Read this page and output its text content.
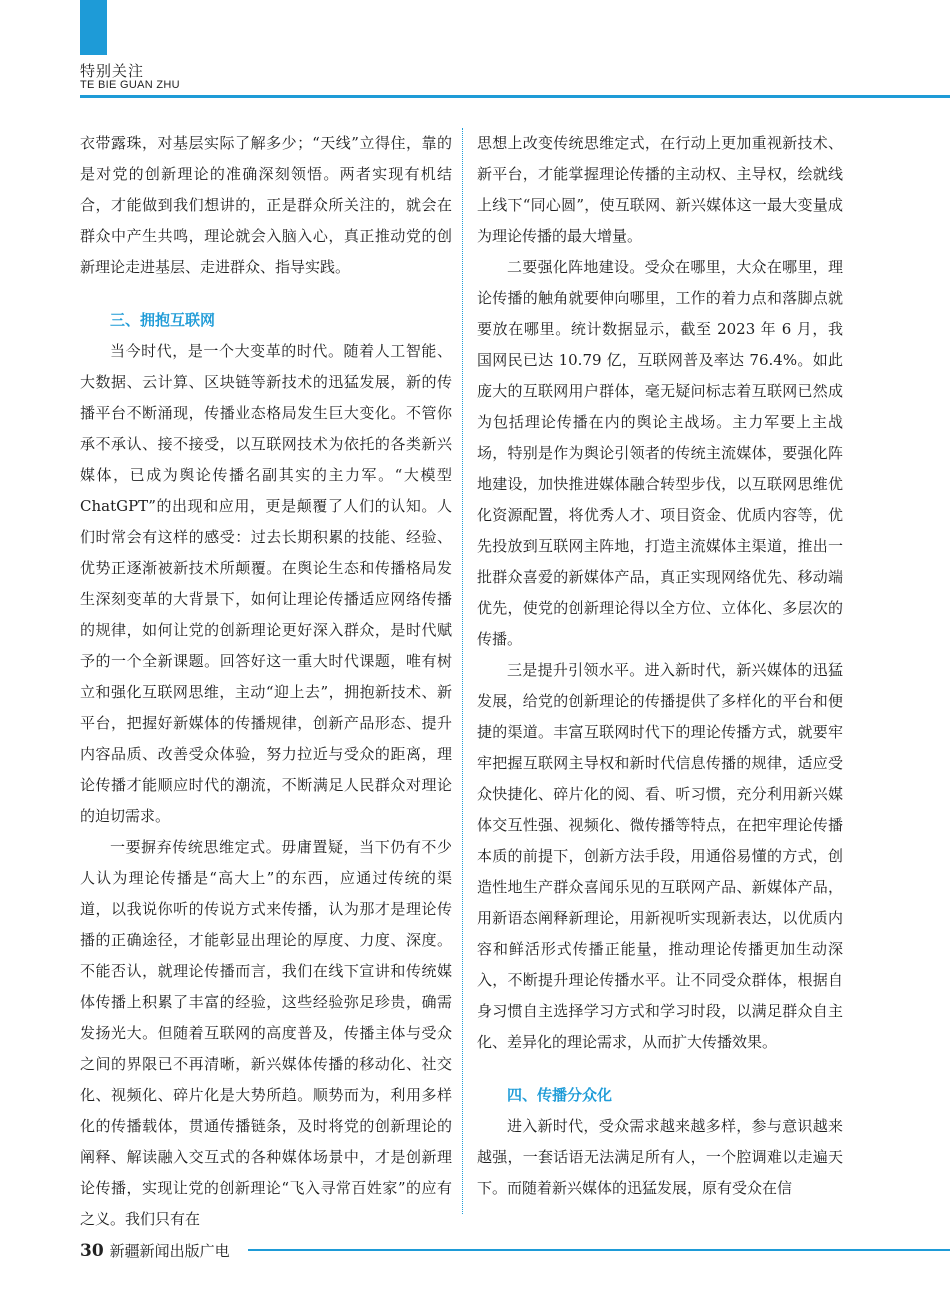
特别关注
TE BIE GUAN ZHU

衣带露珠，对基层实际了解多少；“天线”立得住，靠的是对党的创新理论的准确深刻领悟。两者实现有机结合，才能做到我们想讲的，正是群众所关注的，就会在群众中产生共鸣，理论就会入脑入心，真正推动党的创新理论走进基层、走进群众、指导实践。

三、拥抱互联网

当今时代，是一个大变革的时代。随着人工智能、大数据、云计算、区块链等新技术的迅猛发展，新的传播平台不断涌现，传播业态格局发生巨大变化。不管你承不承认、接不接受，以互联网技术为依托的各类新兴媒体，已成为舆论传播名副其实的主力军。“大模型 ChatGPT”的出现和应用，更是颠覆了人们的认知。人们时常会有这样的感受：过去长期积累的技能、经验、优势正逐渐被新技术所颠覆。在舆论生态和传播格局发生深刻变革的大背景下，如何让理论传播适应网络传播的规律，如何让党的创新理论更好深入群众，是时代赋予的一个全新课题。回答好这一重大时代课题，唯有树立和强化互联网思维，主动“迎上去”，拥抱新技术、新平台，把握好新媒体的传播规律，创新产品形态、提升内容品质、改善受众体验，努力拉近与受众的距离，理论传播才能顺应时代的潮流，不断满足人民群众对理论的迫切需求。

一要摒弃传统思维定式。毋庸置疑，当下仍有不少人认为理论传播是“高大上”的东西，应通过传统的渠道，以我说你听的传说方式来传播，认为那才是理论传播的正确途径，才能彰显出理论的厚度、力度、深度。不能否认，就理论传播而言，我们在线下宣讲和传统媒体传播上积累了丰富的经验，这些经验弥足珍贵，确需发扬光大。但随着互联网的高度普及，传播主体与受众之间的界限已不再清晰，新兴媒体传播的移动化、社交化、视频化、碎片化是大势所趋。顺势而为，利用多样化的传播载体，贯通传播链条，及时将党的创新理论的阐释、解读融入交互式的各种媒体场景中，才是创新理论传播，实现让党的创新理论“飞入寻常百姓家”的应有之义。我们只有在

思想上改变传统思维定式，在行动上更加重视新技术、新平台，才能掌握理论传播的主动权、主导权，绘就线上线下“同心圆”，使互联网、新兴媒体这一最大变量成为理论传播的最大增量。

二要强化阵地建设。受众在哪里，大众在哪里，理论传播的触角就要伸向哪里，工作的着力点和落脚点就要放在哪里。统计数据显示，截至 2023 年 6 月，我国网民已达 10.79 亿，互联网普及率达 76.4%。如此庞大的互联网用户群体，毫无疑问标志着互联网已然成为包括理论传播在内的舆论主战场。主力军要上主战场，特别是作为舆论引领者的传统主流媒体，要强化阵地建设，加快推进媒体融合转型步伐，以互联网思维优化资源配置，将优秀人才、项目资金、优质内容等，优先投放到互联网主阵地，打造主流媒体主渠道，推出一批群众喜爱的新媒体产品，真正实现网络优先、移动端优先，使党的创新理论得以全方位、立体化、多层次的传播。

三是提升引领水平。进入新时代，新兴媒体的迅猛发展，给党的创新理论的传播提供了多样化的平台和便捷的渠道。丰富互联网时代下的理论传播方式，就要牢牢把握互联网主导权和新时代信息传播的规律，适应受众快捷化、碎片化的阅、看、听习惯，充分利用新兴媒体交互性强、视频化、微传播等特点，在把牢理论传播本质的前提下，创新方法手段，用通俗易懂的方式，创造性地生产群众喜闻乐见的互联网产品、新媒体产品，用新语态阐释新理论，用新视听实现新表达，以优质内容和鲜活形式传播正能量，推动理论传播更加生动深入，不断提升理论传播水平。让不同受众群体，根据自身习惯自主选择学习方式和学习时段，以满足群众自主化、差异化的理论需求，从而扩大传播效果。

四、传播分众化

进入新时代，受众需求越来越多样，参与意识越来越强，一套话语无法满足所有人，一个腔调难以走遍天下。而随着新兴媒体的迅猛发展，原有受众在信

30 新疆新闻出版广电
